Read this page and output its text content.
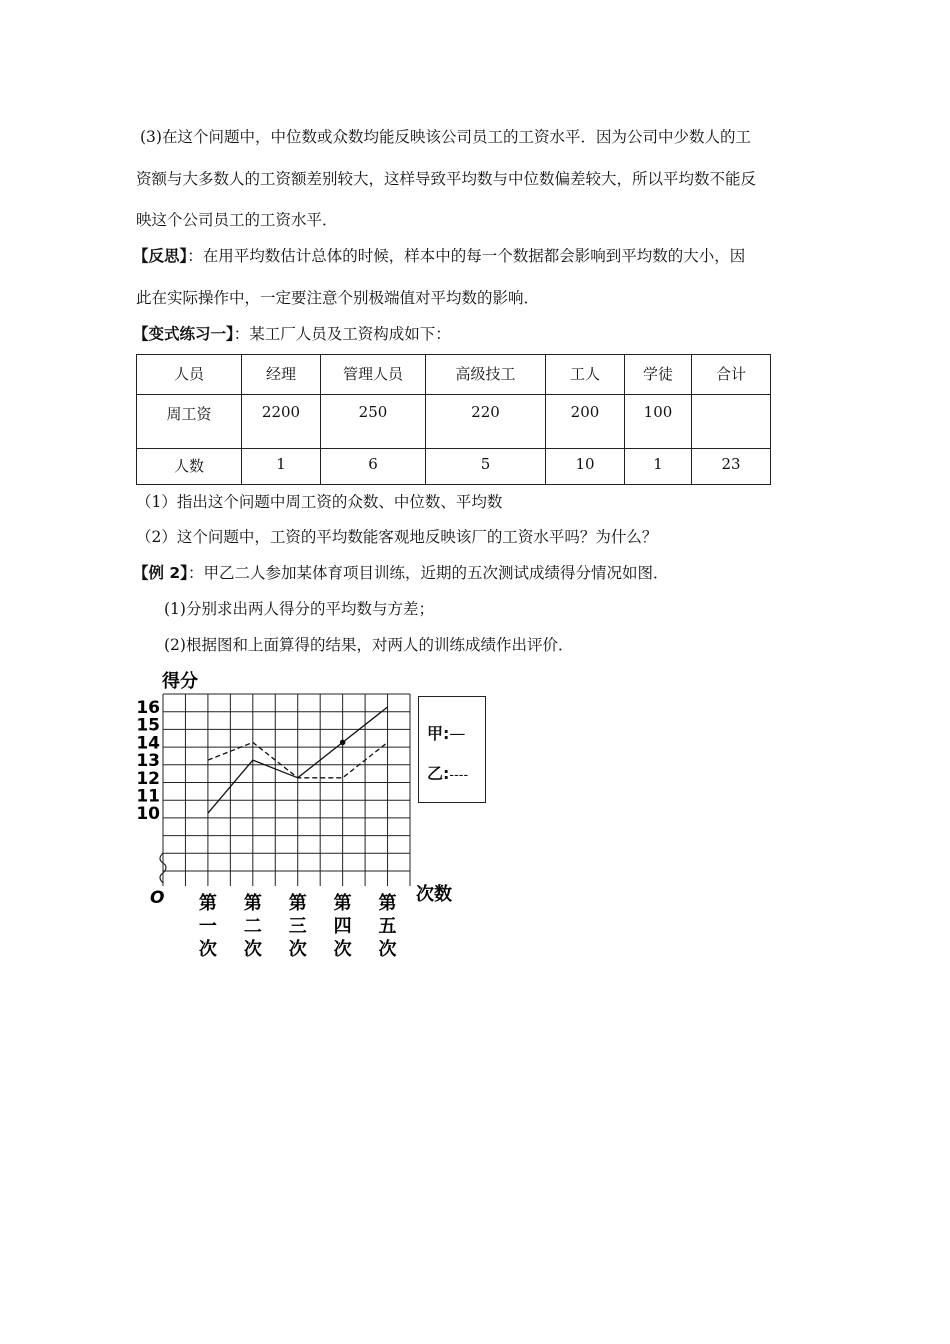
(3)在这个问题中，中位数或众数均能反映该公司员工的工资水平．因为公司中少数人的工
资额与大多数人的工资额差别较大，这样导致平均数与中位数偏差较大，所以平均数不能反
映这个公司员工的工资水平．
【反思】：在用平均数估计总体的时候，样本中的每一个数据都会影响到平均数的大小，因
此在实际操作中，一定要注意个别极端值对平均数的影响．
【变式练习一】：某工厂人员及工资构成如下：
人员	经理	管理人员	高级技工	工人	学徒	合计
周工资	2200	250	220	200	100	
人数	1	6	5	10	1	23
（1）指出这个问题中周工资的众数、中位数、平均数
（2）这个问题中，工资的平均数能客观地反映该厂的工资水平吗？为什么？
【例 2】：甲乙二人参加某体育项目训练，近期的五次测试成绩得分情况如图．
(1)分别求出两人得分的平均数与方差；
(2)根据图和上面算得的结果，对两人的训练成绩作出评价．
得分
O	次数
10
11
12
13
14
15
16
第一次
第二次
第三次
第四次
第五次
甲:—
乙:----
